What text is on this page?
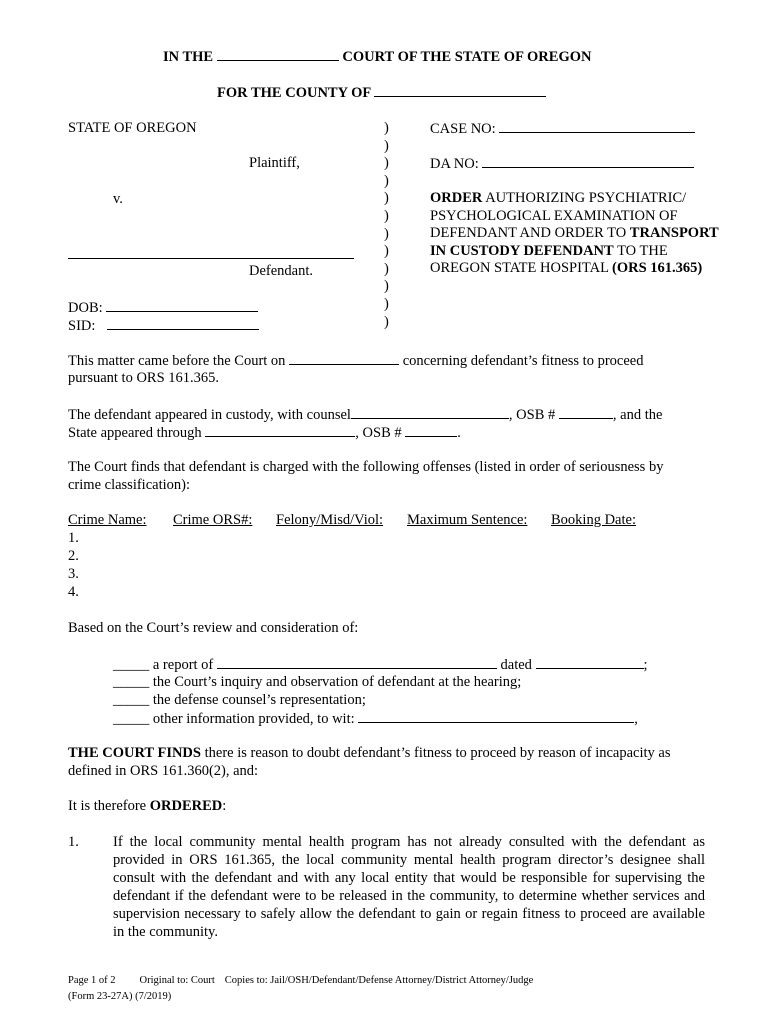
IN THE	COURT OF THE STATE OF OREGON
FOR THE COUNTY OF
STATE OF OREGON
Plaintiff,
v.
Defendant.
DOB:
SID:
)
)
)
)
)
)
)
)
)
)
)
)
CASE NO:
DA NO:
ORDER AUTHORIZING PSYCHIATRIC/ PSYCHOLOGICAL EXAMINATION OF DEFENDANT AND ORDER TO TRANSPORT IN CUSTODY DEFENDANT TO THE OREGON STATE HOSPITAL (ORS 161.365)
This matter came before the Court on	concerning defendant’s fitness to proceed
pursuant to ORS 161.365.
The defendant appeared in custody, with counsel	, OSB #	, and the
State appeared through	, OSB #	.
The Court finds that defendant is charged with the following offenses (listed in order of seriousness by
crime classification):
Crime Name: Crime ORS#: Felony/Misd/Viol: Maximum Sentence: Booking Date:
1.
2.
3.
4.
Based on the Court’s review and consideration of:
_____ a report of	dated	;
_____ the Court’s inquiry and observation of defendant at the hearing;
_____ the defense counsel’s representation;
_____ other information provided, to wit:	,
THE COURT FINDS there is reason to doubt defendant’s fitness to proceed by reason of incapacity as
defined in ORS 161.360(2), and:
It is therefore ORDERED:
1. If the local community mental health program has not already consulted with the defendant as provided in ORS 161.365, the local community mental health program director’s designee shall consult with the defendant and with any local entity that would be responsible for supervising the defendant if the defendant were to be released in the community, to determine whether services and supervision necessary to safely allow the defendant to gain or regain fitness to proceed are available in the community.
Page 1 of 2 Original to: Court Copies to: Jail/OSH/Defendant/Defense Attorney/District Attorney/Judge
(Form 23-27A) (7/2019)
